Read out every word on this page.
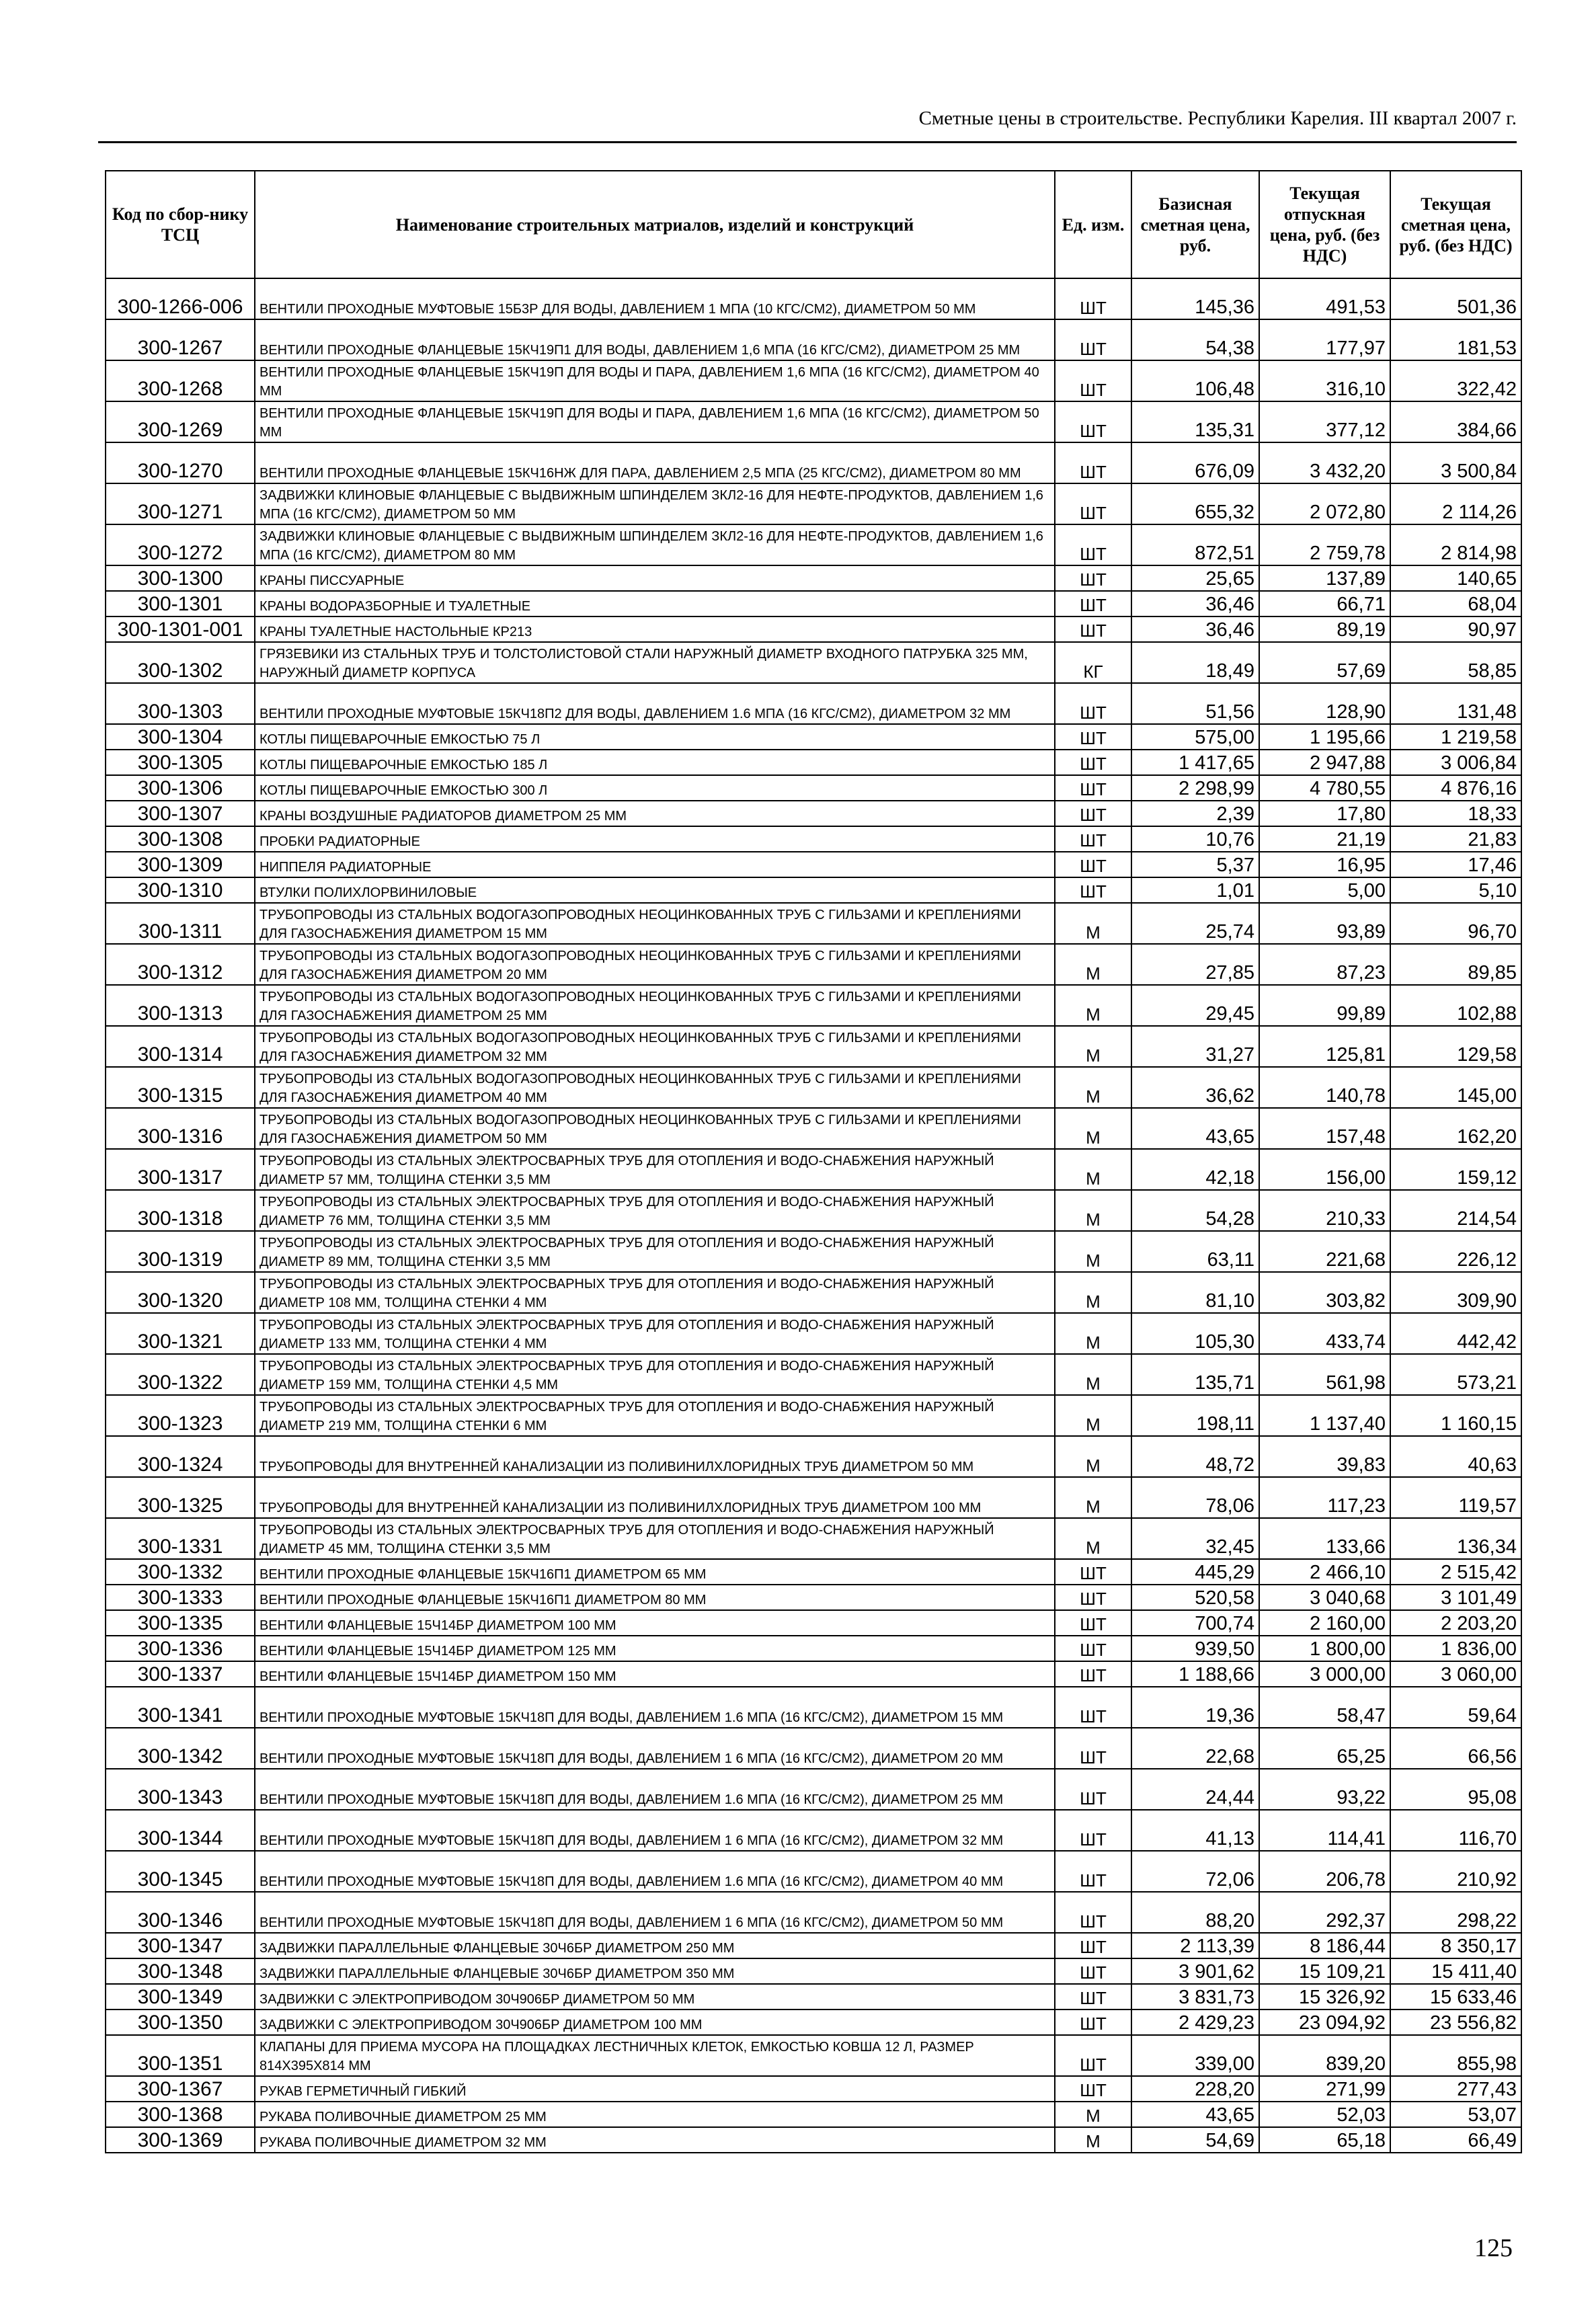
Сметные цены в строительстве. Республики Карелия. III квартал 2007 г.
Код по сбор-нику ТСЦ	Наименование строительных матриалов, изделий и конструкций	Ед. изм.	Базисная сметная цена, руб.	Текущая отпускная цена, руб. (без НДС)	Текущая сметная цена, руб. (без НДС)
300-1266-006	ВЕНТИЛИ ПРОХОДНЫЕ МУФТОВЫЕ 15Б3Р ДЛЯ ВОДЫ, ДАВЛЕНИЕМ 1 МПА (10 КГС/СМ2), ДИАМЕТРОМ 50 ММ	ШТ	145,36	491,53	501,36
300-1267	ВЕНТИЛИ ПРОХОДНЫЕ ФЛАНЦЕВЫЕ 15КЧ19П1 ДЛЯ ВОДЫ, ДАВЛЕНИЕМ 1,6 МПА (16 КГС/СМ2), ДИАМЕТРОМ 25 ММ	ШТ	54,38	177,97	181,53
300-1268	ВЕНТИЛИ ПРОХОДНЫЕ ФЛАНЦЕВЫЕ 15КЧ19П ДЛЯ ВОДЫ И ПАРА, ДАВЛЕНИЕМ 1,6 МПА (16 КГС/СМ2), ДИАМЕТРОМ 40 ММ	ШТ	106,48	316,10	322,42
300-1269	ВЕНТИЛИ ПРОХОДНЫЕ ФЛАНЦЕВЫЕ 15КЧ19П ДЛЯ ВОДЫ И ПАРА, ДАВЛЕНИЕМ 1,6 МПА (16 КГС/СМ2), ДИАМЕТРОМ 50 ММ	ШТ	135,31	377,12	384,66
300-1270	ВЕНТИЛИ ПРОХОДНЫЕ ФЛАНЦЕВЫЕ 15КЧ16НЖ ДЛЯ ПАРА, ДАВЛЕНИЕМ 2,5 МПА (25 КГС/СМ2), ДИАМЕТРОМ 80 ММ	ШТ	676,09	3 432,20	3 500,84
300-1271	ЗАДВИЖКИ КЛИНОВЫЕ ФЛАНЦЕВЫЕ С ВЫДВИЖНЫМ ШПИНДЕЛЕМ ЗКЛ2-16 ДЛЯ НЕФТЕ-ПРОДУКТОВ, ДАВЛЕНИЕМ 1,6 МПА (16 КГС/СМ2), ДИАМЕТРОМ 50 ММ	ШТ	655,32	2 072,80	2 114,26
300-1272	ЗАДВИЖКИ КЛИНОВЫЕ ФЛАНЦЕВЫЕ С ВЫДВИЖНЫМ ШПИНДЕЛЕМ ЗКЛ2-16 ДЛЯ НЕФТЕ-ПРОДУКТОВ, ДАВЛЕНИЕМ 1,6 МПА (16 КГС/СМ2), ДИАМЕТРОМ 80 ММ	ШТ	872,51	2 759,78	2 814,98
300-1300	КРАНЫ ПИССУАРНЫЕ	ШТ	25,65	137,89	140,65
300-1301	КРАНЫ ВОДОРАЗБОРНЫЕ И ТУАЛЕТНЫЕ	ШТ	36,46	66,71	68,04
300-1301-001	КРАНЫ ТУАЛЕТНЫЕ НАСТОЛЬНЫЕ КР213	ШТ	36,46	89,19	90,97
300-1302	ГРЯЗЕВИКИ ИЗ СТАЛЬНЫХ ТРУБ И ТОЛСТОЛИСТОВОЙ СТАЛИ НАРУЖНЫЙ ДИАМЕТР ВХОДНОГО ПАТРУБКА 325 ММ, НАРУЖНЫЙ ДИАМЕТР КОРПУСА	КГ	18,49	57,69	58,85
300-1303	ВЕНТИЛИ ПРОХОДНЫЕ МУФТОВЫЕ 15КЧ18П2 ДЛЯ ВОДЫ, ДАВЛЕНИЕМ 1.6 МПА (16 КГС/СМ2), ДИАМЕТРОМ 32 ММ	ШТ	51,56	128,90	131,48
300-1304	КОТЛЫ ПИЩЕВАРОЧНЫЕ ЕМКОСТЬЮ 75 Л	ШТ	575,00	1 195,66	1 219,58
300-1305	КОТЛЫ ПИЩЕВАРОЧНЫЕ ЕМКОСТЬЮ 185 Л	ШТ	1 417,65	2 947,88	3 006,84
300-1306	КОТЛЫ ПИЩЕВАРОЧНЫЕ ЕМКОСТЬЮ 300 Л	ШТ	2 298,99	4 780,55	4 876,16
300-1307	КРАНЫ ВОЗДУШНЫЕ РАДИАТОРОВ ДИАМЕТРОМ 25 ММ	ШТ	2,39	17,80	18,33
300-1308	ПРОБКИ РАДИАТОРНЫЕ	ШТ	10,76	21,19	21,83
300-1309	НИППЕЛЯ РАДИАТОРНЫЕ	ШТ	5,37	16,95	17,46
300-1310	ВТУЛКИ ПОЛИХЛОРВИНИЛОВЫЕ	ШТ	1,01	5,00	5,10
300-1311	ТРУБОПРОВОДЫ ИЗ СТАЛЬНЫХ ВОДОГАЗОПРОВОДНЫХ НЕОЦИНКОВАННЫХ ТРУБ С ГИЛЬЗАМИ И КРЕПЛЕНИЯМИ ДЛЯ ГАЗОСНАБЖЕНИЯ ДИАМЕТРОМ 15 ММ	М	25,74	93,89	96,70
300-1312	ТРУБОПРОВОДЫ ИЗ СТАЛЬНЫХ ВОДОГАЗОПРОВОДНЫХ НЕОЦИНКОВАННЫХ ТРУБ С ГИЛЬЗАМИ И КРЕПЛЕНИЯМИ ДЛЯ ГАЗОСНАБЖЕНИЯ ДИАМЕТРОМ 20 ММ	М	27,85	87,23	89,85
300-1313	ТРУБОПРОВОДЫ ИЗ СТАЛЬНЫХ ВОДОГАЗОПРОВОДНЫХ НЕОЦИНКОВАННЫХ ТРУБ С ГИЛЬЗАМИ И КРЕПЛЕНИЯМИ ДЛЯ ГАЗОСНАБЖЕНИЯ ДИАМЕТРОМ 25 ММ	М	29,45	99,89	102,88
300-1314	ТРУБОПРОВОДЫ ИЗ СТАЛЬНЫХ ВОДОГАЗОПРОВОДНЫХ НЕОЦИНКОВАННЫХ ТРУБ С ГИЛЬЗАМИ И КРЕПЛЕНИЯМИ ДЛЯ ГАЗОСНАБЖЕНИЯ ДИАМЕТРОМ 32 ММ	М	31,27	125,81	129,58
300-1315	ТРУБОПРОВОДЫ ИЗ СТАЛЬНЫХ ВОДОГАЗОПРОВОДНЫХ НЕОЦИНКОВАННЫХ ТРУБ С ГИЛЬЗАМИ И КРЕПЛЕНИЯМИ ДЛЯ ГАЗОСНАБЖЕНИЯ ДИАМЕТРОМ 40 ММ	М	36,62	140,78	145,00
300-1316	ТРУБОПРОВОДЫ ИЗ СТАЛЬНЫХ ВОДОГАЗОПРОВОДНЫХ НЕОЦИНКОВАННЫХ ТРУБ С ГИЛЬЗАМИ И КРЕПЛЕНИЯМИ ДЛЯ ГАЗОСНАБЖЕНИЯ ДИАМЕТРОМ 50 ММ	М	43,65	157,48	162,20
300-1317	ТРУБОПРОВОДЫ ИЗ СТАЛЬНЫХ ЭЛЕКТРОСВАРНЫХ ТРУБ ДЛЯ ОТОПЛЕНИЯ И ВОДО-СНАБЖЕНИЯ НАРУЖНЫЙ ДИАМЕТР 57 ММ, ТОЛЩИНА СТЕНКИ 3,5 ММ	М	42,18	156,00	159,12
300-1318	ТРУБОПРОВОДЫ ИЗ СТАЛЬНЫХ ЭЛЕКТРОСВАРНЫХ ТРУБ ДЛЯ ОТОПЛЕНИЯ И ВОДО-СНАБЖЕНИЯ НАРУЖНЫЙ ДИАМЕТР 76 ММ, ТОЛЩИНА СТЕНКИ 3,5 ММ	М	54,28	210,33	214,54
300-1319	ТРУБОПРОВОДЫ ИЗ СТАЛЬНЫХ ЭЛЕКТРОСВАРНЫХ ТРУБ ДЛЯ ОТОПЛЕНИЯ И ВОДО-СНАБЖЕНИЯ НАРУЖНЫЙ ДИАМЕТР 89 ММ, ТОЛЩИНА СТЕНКИ 3,5 ММ	М	63,11	221,68	226,12
300-1320	ТРУБОПРОВОДЫ ИЗ СТАЛЬНЫХ ЭЛЕКТРОСВАРНЫХ ТРУБ ДЛЯ ОТОПЛЕНИЯ И ВОДО-СНАБЖЕНИЯ НАРУЖНЫЙ ДИАМЕТР 108 ММ, ТОЛЩИНА СТЕНКИ 4 ММ	М	81,10	303,82	309,90
300-1321	ТРУБОПРОВОДЫ ИЗ СТАЛЬНЫХ ЭЛЕКТРОСВАРНЫХ ТРУБ ДЛЯ ОТОПЛЕНИЯ И ВОДО-СНАБЖЕНИЯ НАРУЖНЫЙ ДИАМЕТР 133 ММ, ТОЛЩИНА СТЕНКИ 4 ММ	М	105,30	433,74	442,42
300-1322	ТРУБОПРОВОДЫ ИЗ СТАЛЬНЫХ ЭЛЕКТРОСВАРНЫХ ТРУБ ДЛЯ ОТОПЛЕНИЯ И ВОДО-СНАБЖЕНИЯ НАРУЖНЫЙ ДИАМЕТР 159 ММ, ТОЛЩИНА СТЕНКИ 4,5 ММ	М	135,71	561,98	573,21
300-1323	ТРУБОПРОВОДЫ ИЗ СТАЛЬНЫХ ЭЛЕКТРОСВАРНЫХ ТРУБ ДЛЯ ОТОПЛЕНИЯ И ВОДО-СНАБЖЕНИЯ НАРУЖНЫЙ ДИАМЕТР 219 ММ, ТОЛЩИНА СТЕНКИ 6 ММ	М	198,11	1 137,40	1 160,15
300-1324	ТРУБОПРОВОДЫ ДЛЯ ВНУТРЕННЕЙ КАНАЛИЗАЦИИ ИЗ ПОЛИВИНИЛХЛОРИДНЫХ ТРУБ ДИАМЕТРОМ 50 ММ	М	48,72	39,83	40,63
300-1325	ТРУБОПРОВОДЫ ДЛЯ ВНУТРЕННЕЙ КАНАЛИЗАЦИИ ИЗ ПОЛИВИНИЛХЛОРИДНЫХ ТРУБ ДИАМЕТРОМ 100 ММ	М	78,06	117,23	119,57
300-1331	ТРУБОПРОВОДЫ ИЗ СТАЛЬНЫХ ЭЛЕКТРОСВАРНЫХ ТРУБ ДЛЯ ОТОПЛЕНИЯ И ВОДО-СНАБЖЕНИЯ НАРУЖНЫЙ ДИАМЕТР 45 ММ, ТОЛЩИНА СТЕНКИ 3,5 ММ	М	32,45	133,66	136,34
300-1332	ВЕНТИЛИ ПРОХОДНЫЕ ФЛАНЦЕВЫЕ 15КЧ16П1 ДИАМЕТРОМ 65 ММ	ШТ	445,29	2 466,10	2 515,42
300-1333	ВЕНТИЛИ ПРОХОДНЫЕ ФЛАНЦЕВЫЕ 15КЧ16П1 ДИАМЕТРОМ 80 ММ	ШТ	520,58	3 040,68	3 101,49
300-1335	ВЕНТИЛИ ФЛАНЦЕВЫЕ 15Ч14БР ДИАМЕТРОМ 100 ММ	ШТ	700,74	2 160,00	2 203,20
300-1336	ВЕНТИЛИ ФЛАНЦЕВЫЕ 15Ч14БР ДИАМЕТРОМ 125 ММ	ШТ	939,50	1 800,00	1 836,00
300-1337	ВЕНТИЛИ ФЛАНЦЕВЫЕ 15Ч14БР ДИАМЕТРОМ 150 ММ	ШТ	1 188,66	3 000,00	3 060,00
300-1341	ВЕНТИЛИ ПРОХОДНЫЕ МУФТОВЫЕ 15КЧ18П ДЛЯ ВОДЫ, ДАВЛЕНИЕМ 1.6 МПА (16 КГС/СМ2), ДИАМЕТРОМ 15 ММ	ШТ	19,36	58,47	59,64
300-1342	ВЕНТИЛИ ПРОХОДНЫЕ МУФТОВЫЕ 15КЧ18П ДЛЯ ВОДЫ, ДАВЛЕНИЕМ 1 6 МПА (16 КГС/СМ2), ДИАМЕТРОМ 20 ММ	ШТ	22,68	65,25	66,56
300-1343	ВЕНТИЛИ ПРОХОДНЫЕ МУФТОВЫЕ 15КЧ18П ДЛЯ ВОДЫ, ДАВЛЕНИЕМ 1.6 МПА (16 КГС/СМ2), ДИАМЕТРОМ 25 ММ	ШТ	24,44	93,22	95,08
300-1344	ВЕНТИЛИ ПРОХОДНЫЕ МУФТОВЫЕ 15КЧ18П ДЛЯ ВОДЫ, ДАВЛЕНИЕМ 1 6 МПА (16 КГС/СМ2), ДИАМЕТРОМ 32 ММ	ШТ	41,13	114,41	116,70
300-1345	ВЕНТИЛИ ПРОХОДНЫЕ МУФТОВЫЕ 15КЧ18П ДЛЯ ВОДЫ, ДАВЛЕНИЕМ 1.6 МПА (16 КГС/СМ2), ДИАМЕТРОМ 40 ММ	ШТ	72,06	206,78	210,92
300-1346	ВЕНТИЛИ ПРОХОДНЫЕ МУФТОВЫЕ 15КЧ18П ДЛЯ ВОДЫ, ДАВЛЕНИЕМ 1 6 МПА (16 КГС/СМ2), ДИАМЕТРОМ 50 ММ	ШТ	88,20	292,37	298,22
300-1347	ЗАДВИЖКИ ПАРАЛЛЕЛЬНЫЕ ФЛАНЦЕВЫЕ 30Ч6БР ДИАМЕТРОМ 250 ММ	ШТ	2 113,39	8 186,44	8 350,17
300-1348	ЗАДВИЖКИ ПАРАЛЛЕЛЬНЫЕ ФЛАНЦЕВЫЕ 30Ч6БР ДИАМЕТРОМ 350 ММ	ШТ	3 901,62	15 109,21	15 411,40
300-1349	ЗАДВИЖКИ С ЭЛЕКТРОПРИВОДОМ 30Ч906БР ДИАМЕТРОМ 50 ММ	ШТ	3 831,73	15 326,92	15 633,46
300-1350	ЗАДВИЖКИ С ЭЛЕКТРОПРИВОДОМ 30Ч906БР ДИАМЕТРОМ 100 ММ	ШТ	2 429,23	23 094,92	23 556,82
300-1351	КЛАПАНЫ ДЛЯ ПРИЕМА МУСОРА НА ПЛОЩАДКАХ ЛЕСТНИЧНЫХ КЛЕТОК, ЕМКОСТЬЮ КОВША 12 Л, РАЗМЕР 814Х395Х814 ММ	ШТ	339,00	839,20	855,98
300-1367	РУКАВ ГЕРМЕТИЧНЫЙ ГИБКИЙ	ШТ	228,20	271,99	277,43
300-1368	РУКАВА ПОЛИВОЧНЫЕ ДИАМЕТРОМ 25 ММ	М	43,65	52,03	53,07
300-1369	РУКАВА ПОЛИВОЧНЫЕ ДИАМЕТРОМ 32 ММ	М	54,69	65,18	66,49
125
